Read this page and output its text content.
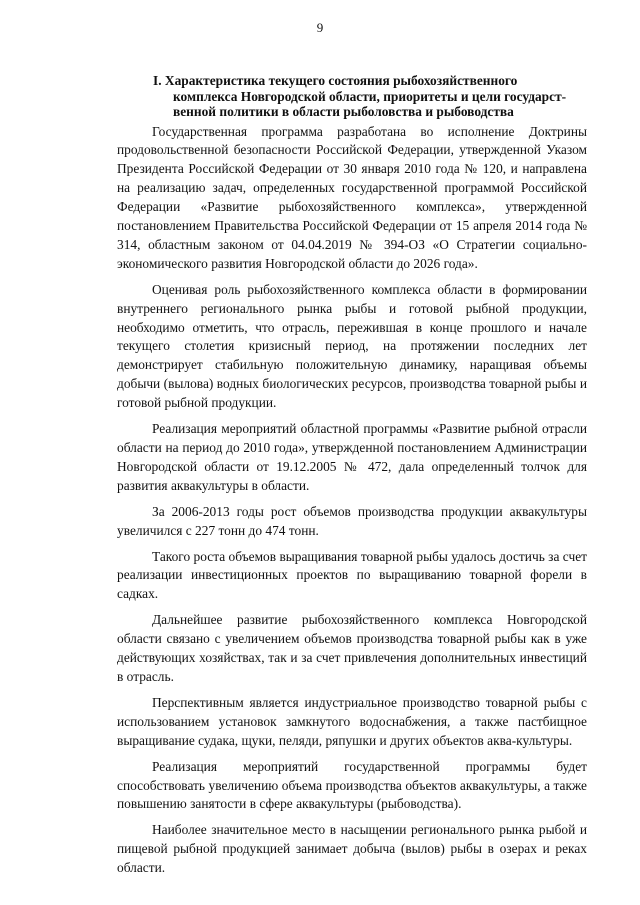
9
I. Характеристика текущего состояния рыбохозяйственного
комплекса Новгородской области, приоритеты и цели государст-
венной политики в области рыболовства и рыбоводства

Государственная программа разработана во исполнение Доктрины продовольственной безопасности Российской Федерации, утвержденной Указом Президента Российской Федерации от 30 января 2010 года № 120, и направлена на реализацию задач, определенных государственной программой Российской Федерации «Развитие рыбохозяйственного комплекса», утвержденной постановлением Правительства Российской Федерации от 15 апреля 2014 года № 314, областным законом от 04.04.2019 № 394-ОЗ «О Стратегии социально-экономического развития Новгородской области до 2026 года».

Оценивая роль рыбохозяйственного комплекса области в формировании внутреннего регионального рынка рыбы и готовой рыбной продукции, необходимо отметить, что отрасль, пережившая в конце прошлого и начале текущего столетия кризисный период, на протяжении последних лет демонстрирует стабильную положительную динамику, наращивая объемы добычи (вылова) водных биологических ресурсов, производства товарной рыбы и готовой рыбной продукции.

Реализация мероприятий областной программы «Развитие рыбной отрасли области на период до 2010 года», утвержденной постановлением Администрации Новгородской области от 19.12.2005 № 472, дала определенный толчок для развития аквакультуры в области.

За 2006-2013 годы рост объемов производства продукции аквакультуры увеличился с 227 тонн до 474 тонн.

Такого роста объемов выращивания товарной рыбы удалось достичь за счет реализации инвестиционных проектов по выращиванию товарной форели в садках.

Дальнейшее развитие рыбохозяйственного комплекса Новгородской области связано с увеличением объемов производства товарной рыбы как в уже действующих хозяйствах, так и за счет привлечения дополнительных инвестиций в отрасль.

Перспективным является индустриальное производство товарной рыбы с использованием установок замкнутого водоснабжения, а также пастбищное выращивание судака, щуки, пеляди, ряпушки и других объектов аква-культуры.

Реализация мероприятий государственной программы будет способствовать увеличению объема производства объектов аквакультуры, а также повышению занятости в сфере аквакультуры (рыбоводства).

Наиболее значительное место в насыщении регионального рынка рыбой и пищевой рыбной продукцией занимает добыча (вылов) рыбы в озерах и реках области.
